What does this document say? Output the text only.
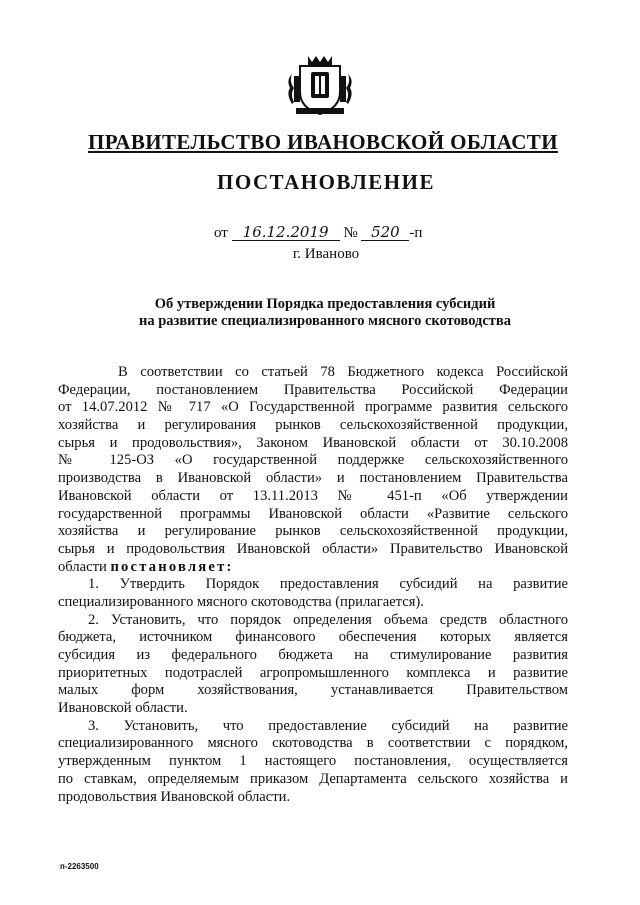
ПРАВИТЕЛЬСТВО ИВАНОВСКОЙ ОБЛАСТИ
ПОСТАНОВЛЕНИЕ
от 16.12.2019 № 520 -п
г. Иваново
Об утверждении Порядка предоставления субсидий
на развитие специализированного мясного скотоводства
В соответствии со статьей 78 Бюджетного кодекса Российской
Федерации, постановлением Правительства Российской Федерации
от 14.07.2012 № 717 «О Государственной программе развития сельского
хозяйства и регулирования рынков сельскохозяйственной продукции,
сырья и продовольствия», Законом Ивановской области от 30.10.2008
№ 125-ОЗ «О государственной поддержке сельскохозяйственного
производства в Ивановской области» и постановлением Правительства
Ивановской области от 13.11.2013 № 451-п «Об утверждении
государственной программы Ивановской области «Развитие сельского
хозяйства и регулирование рынков сельскохозяйственной продукции,
сырья и продовольствия Ивановской области» Правительство Ивановской
области постановляет:
1. Утвердить Порядок предоставления субсидий на развитие
специализированного мясного скотоводства (прилагается).
2. Установить, что порядок определения объема средств областного
бюджета, источником финансового обеспечения которых является
субсидия из федерального бюджета на стимулирование развития
приоритетных подотраслей агропромышленного комплекса и развитие
малых форм хозяйствования, устанавливается Правительством
Ивановской области.
3. Установить, что предоставление субсидий на развитие
специализированного мясного скотоводства в соответствии с порядком,
утвержденным пунктом 1 настоящего постановления, осуществляется
по ставкам, определяемым приказом Департамента сельского хозяйства и
продовольствия Ивановской области.
п-2263500
